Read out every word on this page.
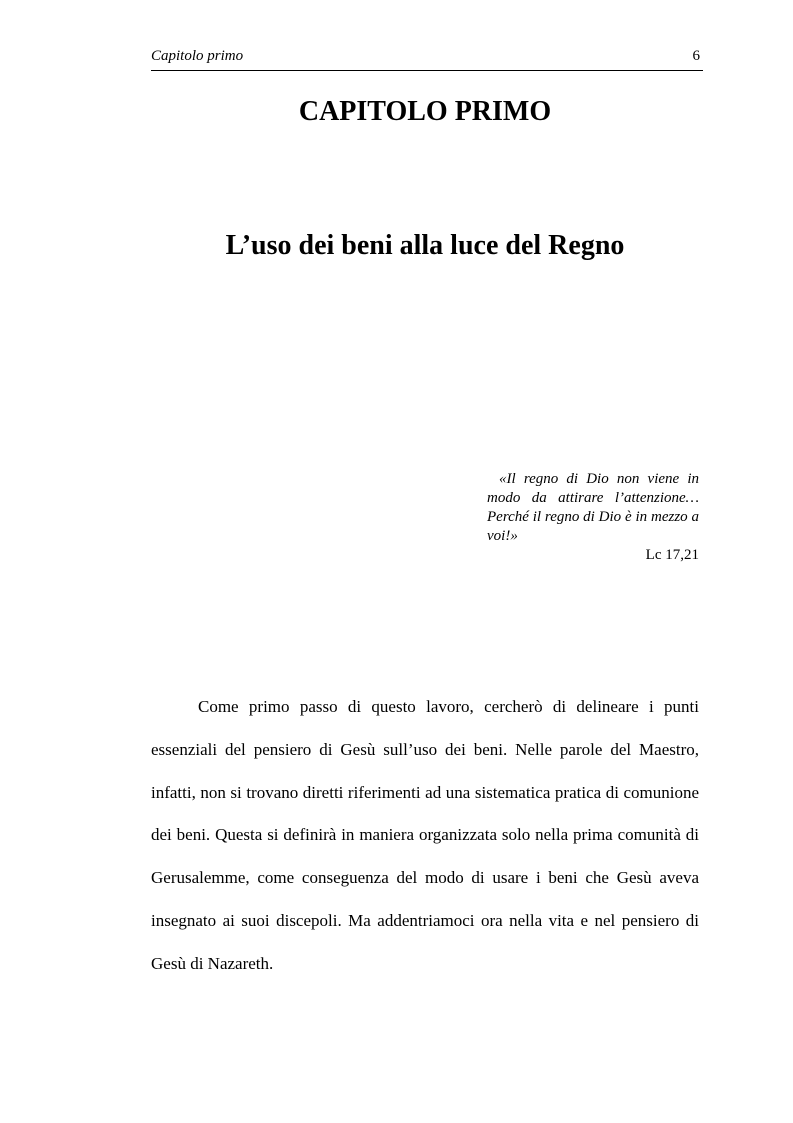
Capitolo primo	6
CAPITOLO PRIMO
L’uso dei beni alla luce del Regno
«Il regno di Dio non viene in modo da attirare l’attenzione… Perché il regno di Dio è in mezzo a voi!»
Lc 17,21

Come primo passo di questo lavoro, cercherò di delineare i punti essenziali del pensiero di Gesù sull’uso dei beni. Nelle parole del Maestro, infatti, non si trovano diretti riferimenti ad una sistematica pratica di comunione dei beni. Questa si definirà in maniera organizzata solo nella prima comunità di Gerusalemme, come conseguenza del modo di usare i beni che Gesù aveva insegnato ai suoi discepoli. Ma addentriamoci ora nella vita e nel pensiero di Gesù di Nazareth.
